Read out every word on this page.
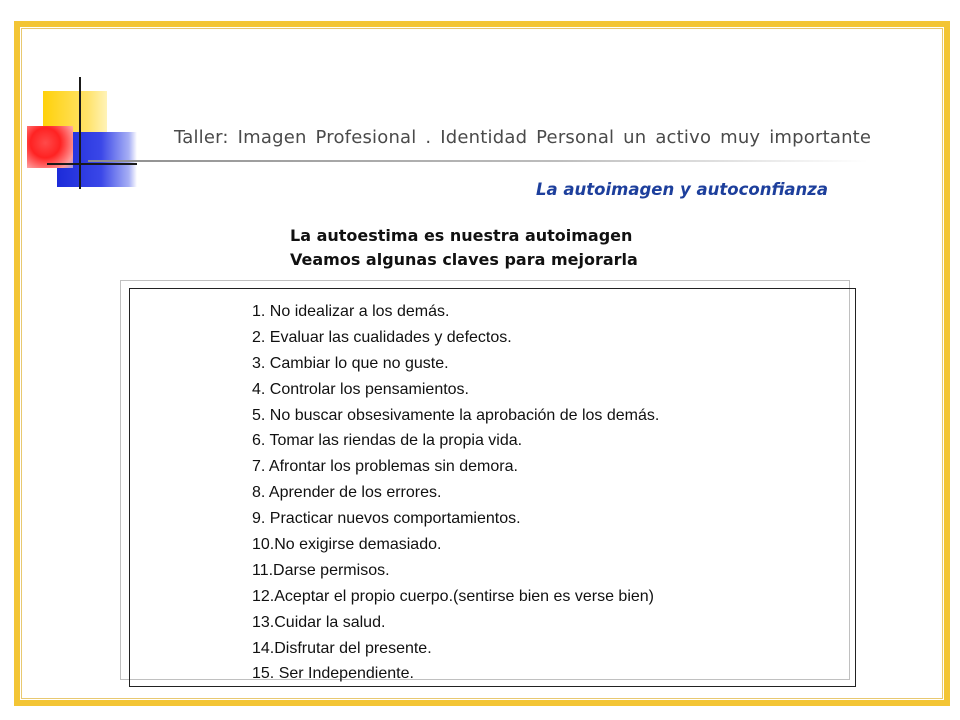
Taller: Imagen Profesional . Identidad Personal un activo muy importante
La autoimagen y autoconfianza
La autoestima es nuestra autoimagen
Veamos algunas claves para mejorarla
1. No idealizar a los demás.
2. Evaluar las cualidades y defectos.
3. Cambiar lo que no guste.
4. Controlar los pensamientos.
5. No buscar obsesivamente la aprobación de los demás.
6. Tomar las riendas de la propia vida.
7. Afrontar los problemas sin demora.
8. Aprender de los errores.
9. Practicar nuevos comportamientos.
10.No exigirse demasiado.
11.Darse permisos.
12.Aceptar el propio cuerpo.(sentirse bien es verse bien)
13.Cuidar la salud.
14.Disfrutar del presente.
15. Ser Independiente.
